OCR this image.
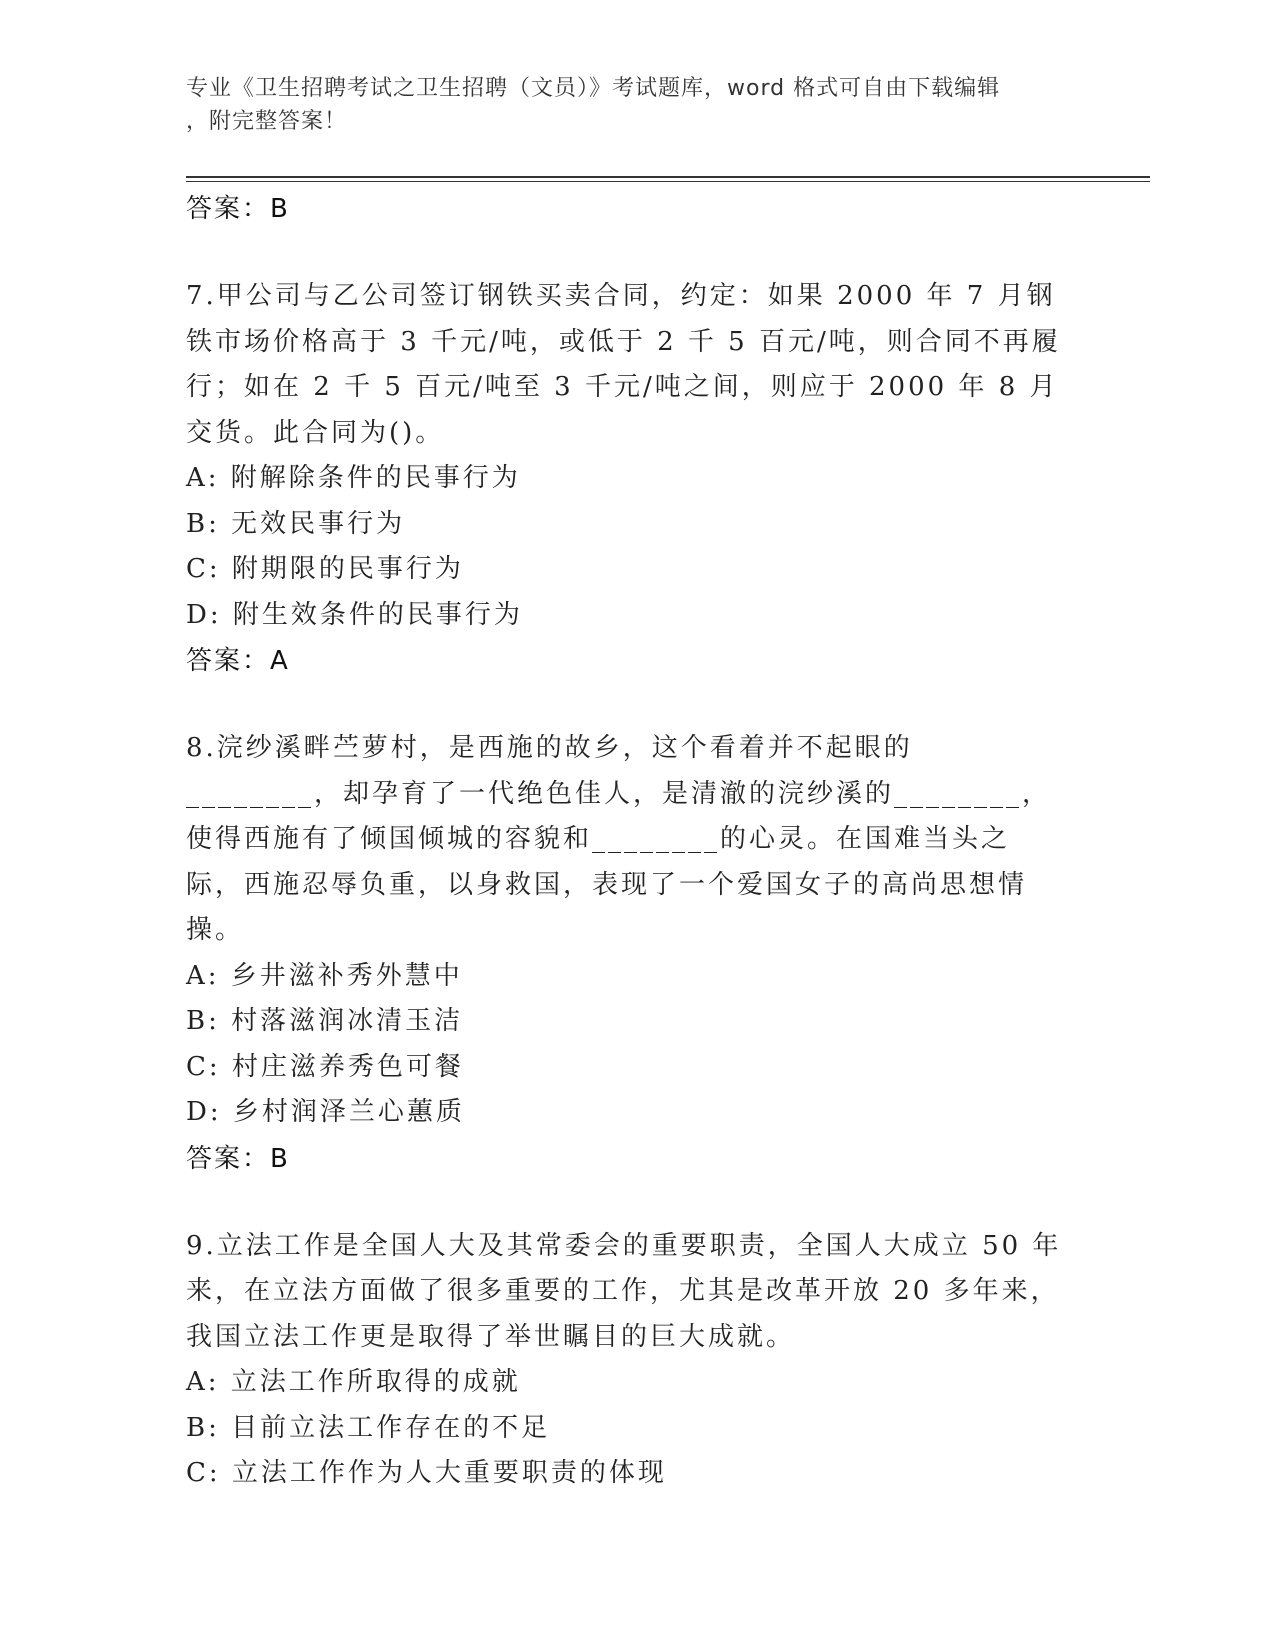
专业《卫生招聘考试之卫生招聘（文员）》考试题库，word 格式可自由下载编辑
，附完整答案！
答案：B
7.甲公司与乙公司签订钢铁买卖合同，约定：如果 2000 年 7 月钢铁市场价格高于 3 千元/吨，或低于 2 千 5 百元/吨，则合同不再履行；如在 2 千 5 百元/吨至 3 千元/吨之间，则应于 2000 年 8 月交货。此合同为()。
A: 附解除条件的民事行为
B: 无效民事行为
C: 附期限的民事行为
D: 附生效条件的民事行为
答案：A
8.浣纱溪畔苎萝村，是西施的故乡，这个看着并不起眼的________，却孕育了一代绝色佳人，是清澈的浣纱溪的________，使得西施有了倾国倾城的容貌和________的心灵。在国难当头之际，西施忍辱负重，以身救国，表现了一个爱国女子的高尚思想情操。
A: 乡井滋补秀外慧中
B: 村落滋润冰清玉洁
C: 村庄滋养秀色可餐
D: 乡村润泽兰心蕙质
答案：B
9.立法工作是全国人大及其常委会的重要职责，全国人大成立 50 年来，在立法方面做了很多重要的工作，尤其是改革开放 20 多年来，我国立法工作更是取得了举世瞩目的巨大成就。
A: 立法工作所取得的成就
B: 目前立法工作存在的不足
C: 立法工作作为人大重要职责的体现
